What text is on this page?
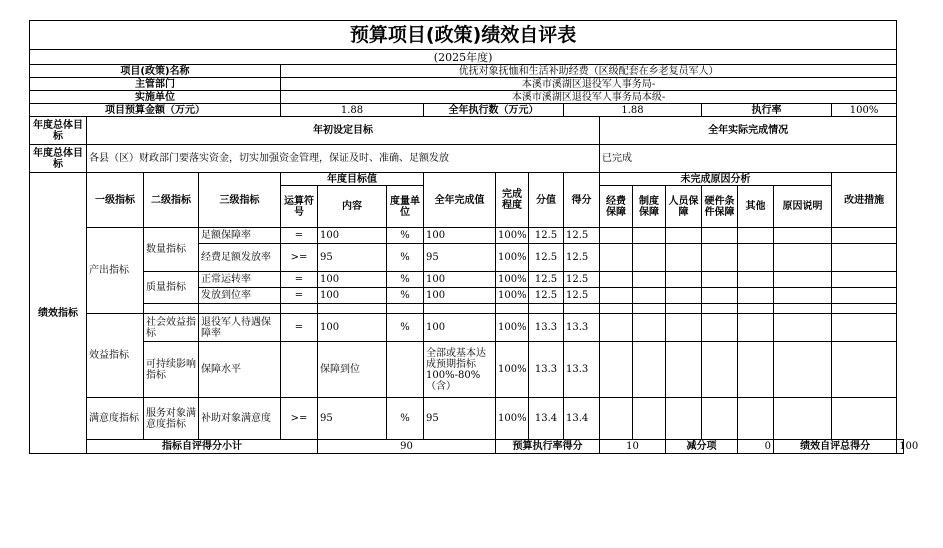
预算项目(政策)绩效自评表																		
(2025年度)																		
项目(政策)名称				优抚对象抚恤和生活补助经费（区级配套在乡老复员军人）														
主管部门				本溪市溪湖区退役军人事务局-														
实施单位				本溪市溪湖区退役军人事务局本级-														
项目预算金额（万元）				1.88			全年执行数（万元）			1.88				执行率			100%	
年度总体目标	年初设定目标										全年实际完成情况							
年度总体目标	各县（区）财政部门要落实资金，切实加强资金管理，保证及时、准确、足额发放										已完成							
绩效指标	一级指标	二级指标	三级指标	年度目标值			全年完成值	完成程度	分值	得分	未完成原因分析						改进措施	
				运算符号	内容	度量单位					经费保障	制度保障	人员保障	硬件条件保障	其他	原因说明		

	产出指标	数量指标	足额保障率	=	100	%	100	100%	12.5	12.5								
			经费足额发放率	>=	95	%	95	100%	12.5	12.5								
		质量指标	正常运转率	=	100	%	100	100%	12.5	12.5								
			发放到位率	=	100	%	100	100%	12.5	12.5								

	效益指标	社会效益指标	退役军人待遇保障率	=	100	%	100	100%	13.3	13.3								
		可持续影响指标	保障水平		保障到位		全部或基本达成预期指标100%-80%（含）	100%	13.3	13.3								
	满意度指标	服务对象满意度指标	补助对象满意度	>=	95	%	95	100%	13.4	13.4								
	指标自评得分小计				90			预算执行率得分			10		减分项		0	绩效自评总得分		100
